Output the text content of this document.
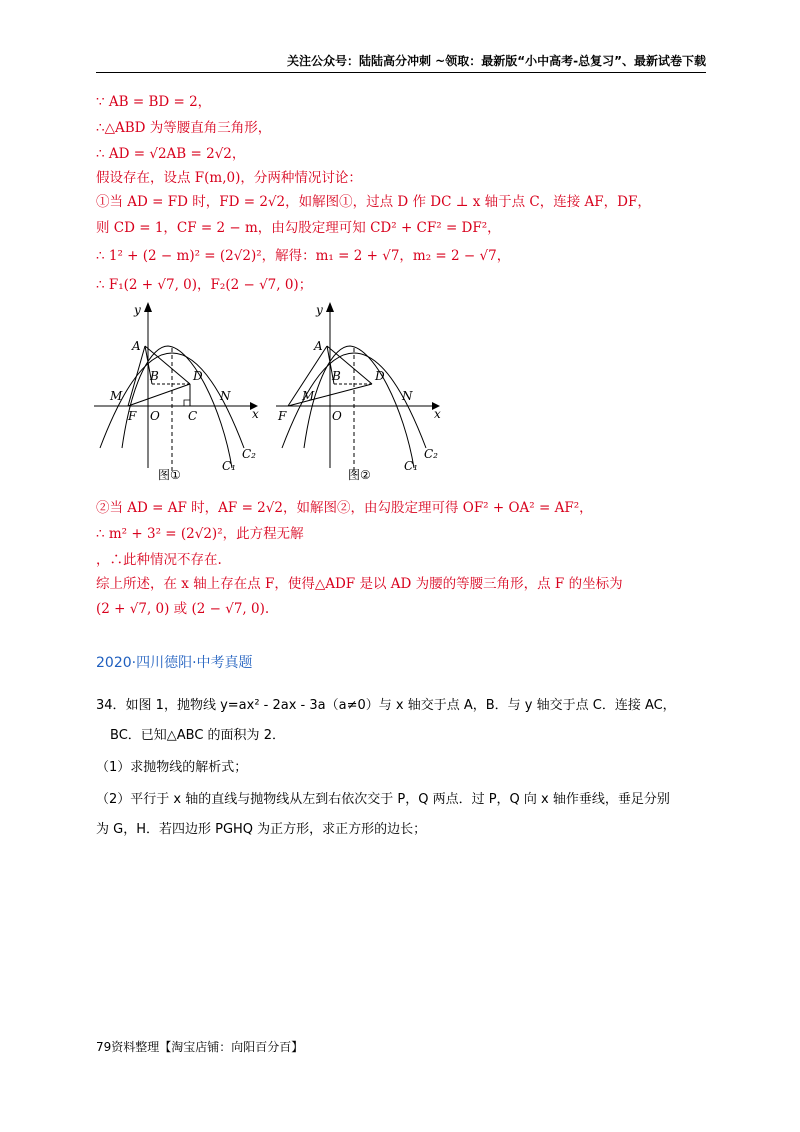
关注公众号：陆陆高分冲刺 ~领取：最新版“小中高考-总复习”、最新试卷下载
∵ AB = BD = 2，
∴△ABD 为等腰直角三角形，
∴ AD = √2AB = 2√2，
假设存在，设点 F(m,0)，分两种情况讨论：
①当 AD = FD 时，FD = 2√2，如解图①，过点 D 作 DC ⊥ x 轴于点 C，连接 AF，DF，
则 CD = 1，CF = 2 − m，由勾股定理可知 CD² + CF² = DF²，
∴ 1² + (2 − m)² = (2√2)²，解得：m₁ = 2 + √7，m₂ = 2 − √7，
∴ F₁(2 + √7, 0)，F₂(2 − √7, 0)；
y
x
A
B	D
M	N
F O C
C₂
C₁
图①
y
x
A
B	D
M	N
F	O
C₂
C₁
图②
②当 AD = AF 时，AF = 2√2，如解图②，由勾股定理可得 OF² + OA² = AF²，
∴ m² + 3² = (2√2)²，此方程无解
，∴此种情况不存在.
综上所述，在 x 轴上存在点 F，使得△ADF 是以 AD 为腰的等腰三角形，点 F 的坐标为
(2 + √7, 0) 或 (2 − √7, 0).
2020·四川德阳·中考真题
34．如图 1，抛物线 y=ax² - 2ax - 3a（a≠0）与 x 轴交于点 A，B．与 y 轴交于点 C．连接 AC，
BC．已知△ABC 的面积为 2．
（1）求抛物线的解析式；
（2）平行于 x 轴的直线与抛物线从左到右依次交于 P，Q 两点．过 P，Q 向 x 轴作垂线，垂足分别
为 G，H．若四边形 PGHQ 为正方形，求正方形的边长；
79资料整理【淘宝店铺：向阳百分百】
